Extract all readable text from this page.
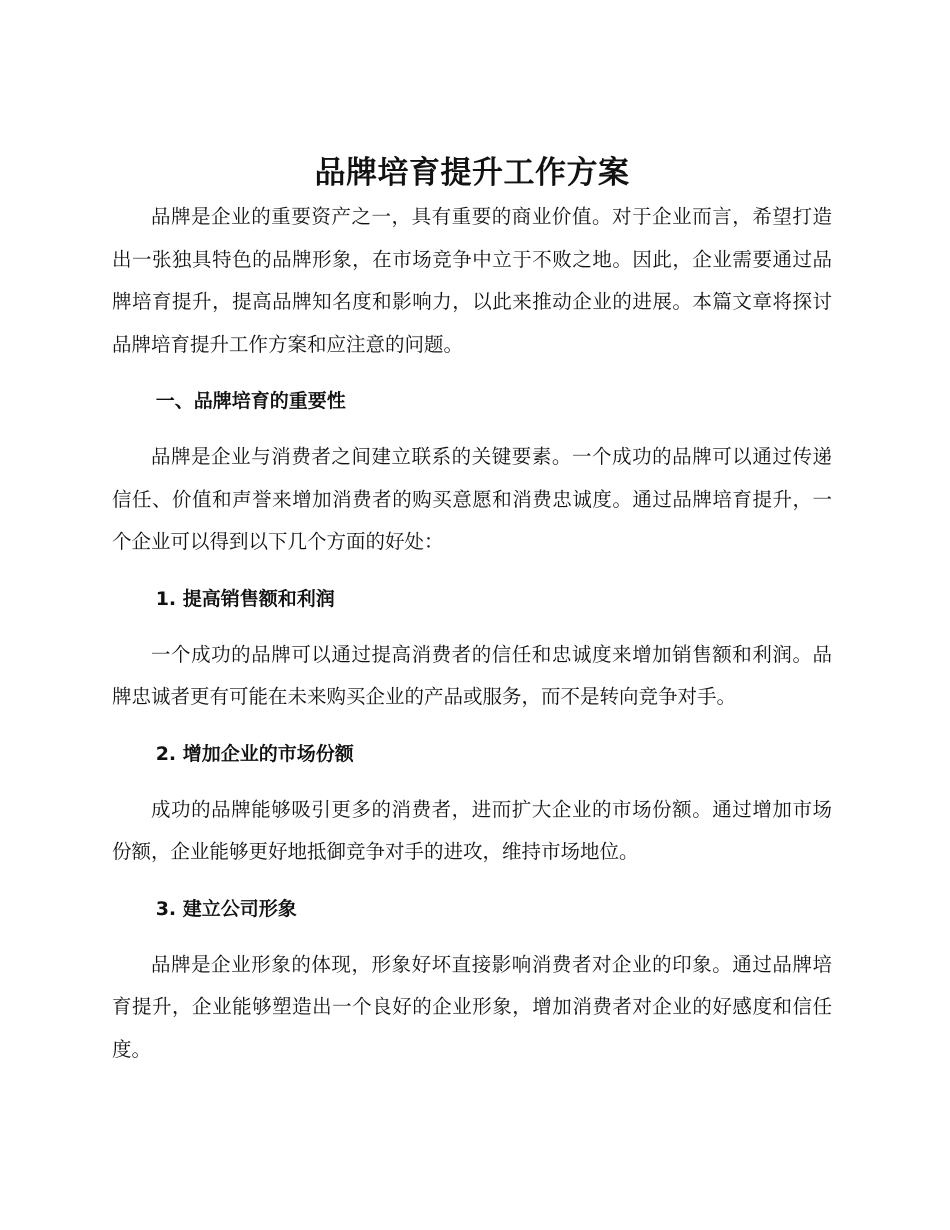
品牌培育提升工作方案

品牌是企业的重要资产之一，具有重要的商业价值。对于企业而言，希望打造出一张独具特色的品牌形象，在市场竞争中立于不败之地。因此，企业需要通过品牌培育提升，提高品牌知名度和影响力，以此来推动企业的进展。本篇文章将探讨品牌培育提升工作方案和应注意的问题。

一、品牌培育的重要性

品牌是企业与消费者之间建立联系的关键要素。一个成功的品牌可以通过传递信任、价值和声誉来增加消费者的购买意愿和消费忠诚度。通过品牌培育提升，一个企业可以得到以下几个方面的好处：

1. 提高销售额和利润

一个成功的品牌可以通过提高消费者的信任和忠诚度来增加销售额和利润。品牌忠诚者更有可能在未来购买企业的产品或服务，而不是转向竞争对手。

2. 增加企业的市场份额

成功的品牌能够吸引更多的消费者，进而扩大企业的市场份额。通过增加市场份额，企业能够更好地抵御竞争对手的进攻，维持市场地位。

3. 建立公司形象

品牌是企业形象的体现，形象好坏直接影响消费者对企业的印象。通过品牌培育提升，企业能够塑造出一个良好的企业形象，增加消费者对企业的好感度和信任度。
